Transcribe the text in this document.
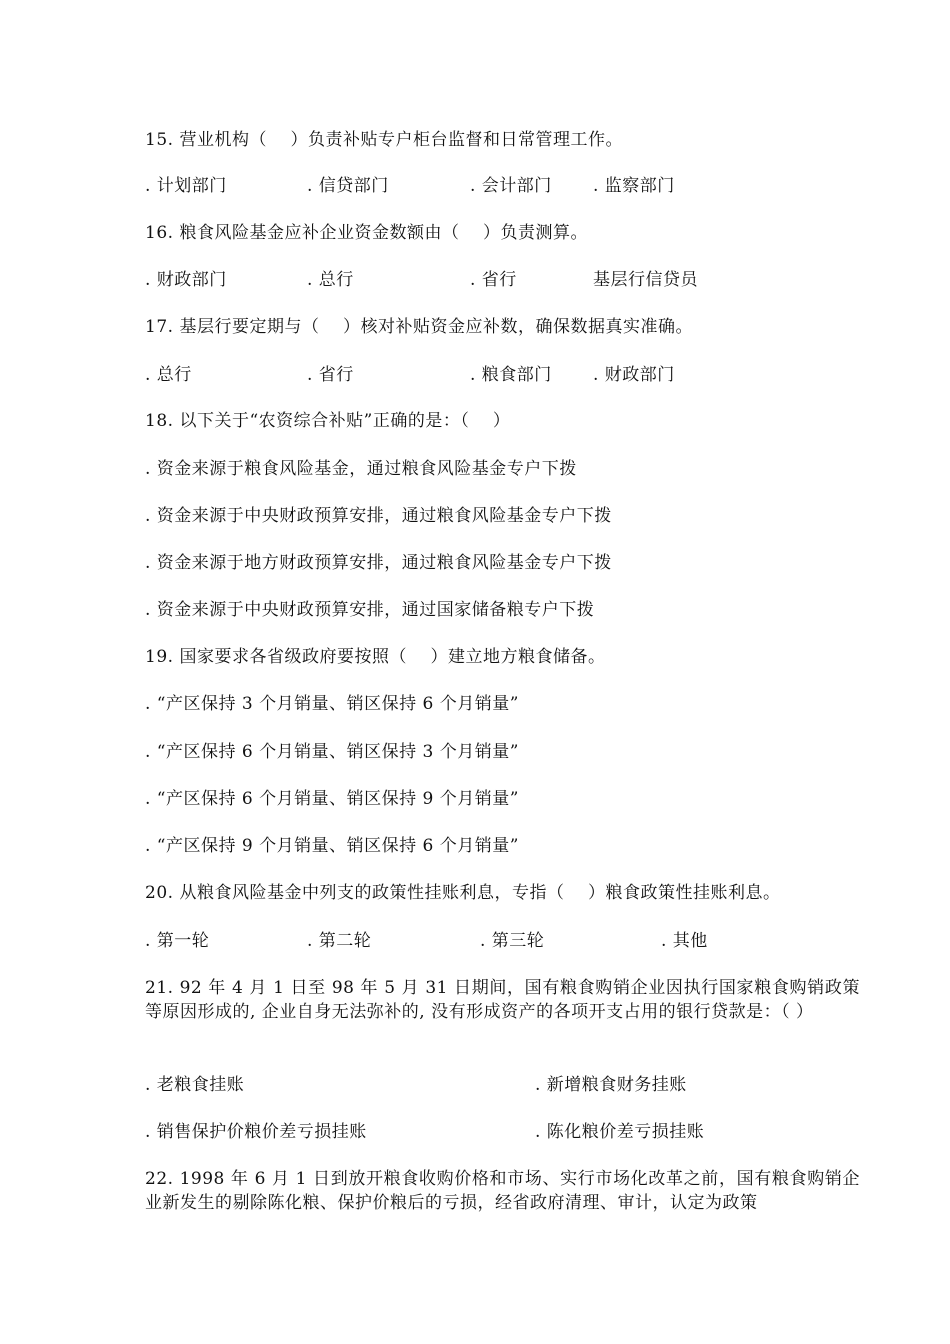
15. 营业机构（    ）负责补贴专户柜台监督和日常管理工作。
. 计划部门	. 信贷部门	. 会计部门 . 监察部门
16. 粮食风险基金应补企业资金数额由（    ）负责测算。
. 财政部门	. 总行	. 省行	基层行信贷员
17. 基层行要定期与（    ）核对补贴资金应补数，确保数据真实准确。
. 总行	. 省行	. 粮食部门 . 财政部门
18. 以下关于“农资综合补贴”正确的是：（    ）
. 资金来源于粮食风险基金，通过粮食风险基金专户下拨
. 资金来源于中央财政预算安排，通过粮食风险基金专户下拨
. 资金来源于地方财政预算安排，通过粮食风险基金专户下拨
. 资金来源于中央财政预算安排，通过国家储备粮专户下拨
19. 国家要求各省级政府要按照（    ）建立地方粮食储备。
. “产区保持 3 个月销量、销区保持 6 个月销量”
. “产区保持 6 个月销量、销区保持 3 个月销量”
. “产区保持 6 个月销量、销区保持 9 个月销量”
. “产区保持 9 个月销量、销区保持 6 个月销量”
20. 从粮食风险基金中列支的政策性挂账利息，专指（    ）粮食政策性挂账利息。
. 第一轮	. 第二轮	. 第三轮	. 其他
21. 92 年 4 月 1 日至 98 年 5 月 31 日期间，国有粮食购销企业因执行国家粮食购销政策等原因形成的, 企业自身无法弥补的, 没有形成资产的各项开支占用的银行贷款是：（ ）
. 老粮食挂账	. 新增粮食财务挂账
. 销售保护价粮价差亏损挂账	. 陈化粮价差亏损挂账
22. 1998 年 6 月 1 日到放开粮食收购价格和市场、实行市场化改革之前，国有粮食购销企业新发生的剔除陈化粮、保护价粮后的亏损，经省政府清理、审计，认定为政策
